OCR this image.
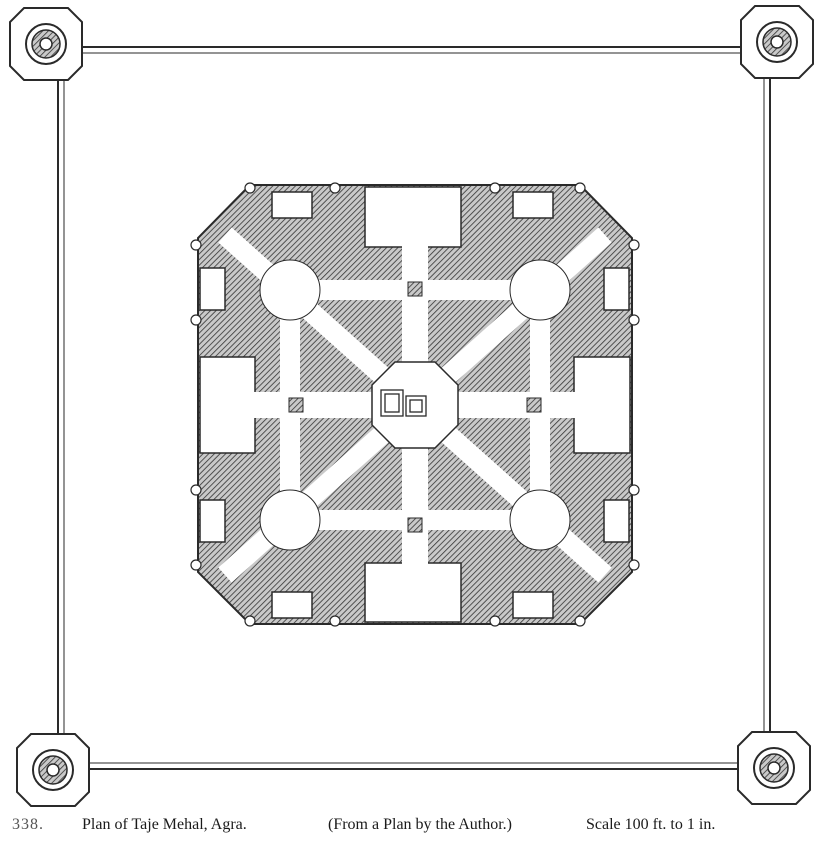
338. Plan of Taje Mehal, Agra.	(From a Plan by the Author.)	Scale 100 ft. to 1 in.
